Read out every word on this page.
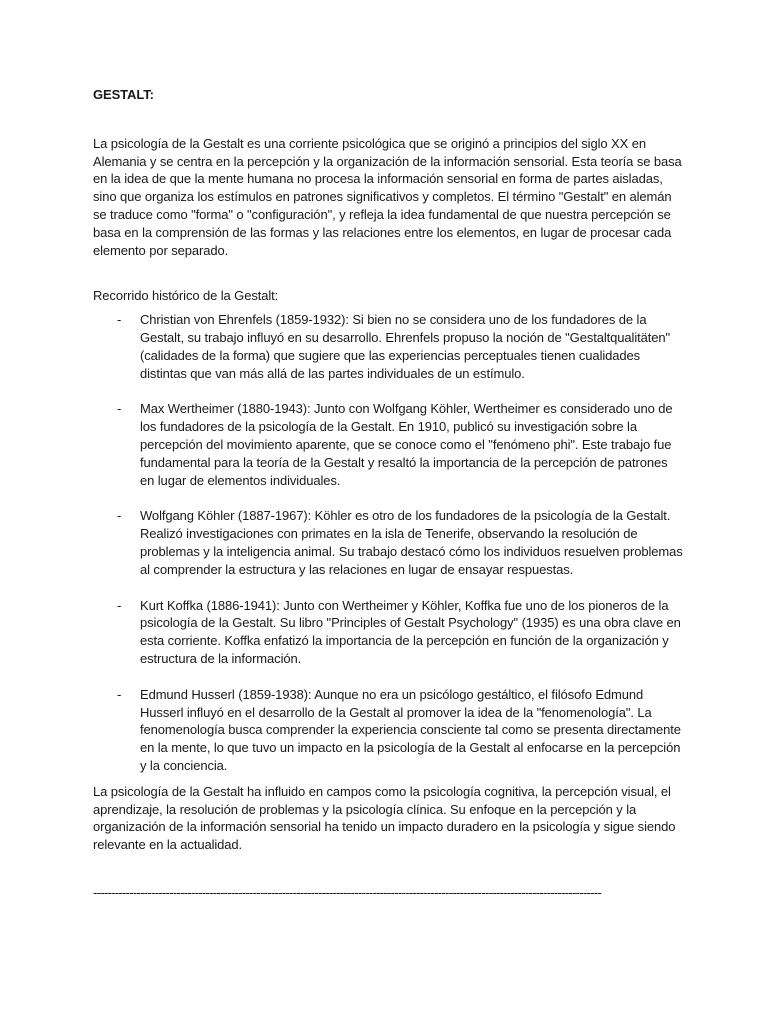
GESTALT:

La psicología de la Gestalt es una corriente psicológica que se originó a principios del siglo XX en Alemania y se centra en la percepción y la organización de la información sensorial. Esta teoría se basa en la idea de que la mente humana no procesa la información sensorial en forma de partes aisladas, sino que organiza los estímulos en patrones significativos y completos. El término "Gestalt" en alemán se traduce como "forma" o "configuración", y refleja la idea fundamental de que nuestra percepción se basa en la comprensión de las formas y las relaciones entre los elementos, en lugar de procesar cada elemento por separado.

Recorrido histórico de la Gestalt:

- Christian von Ehrenfels (1859-1932): Si bien no se considera uno de los fundadores de la Gestalt, su trabajo influyó en su desarrollo. Ehrenfels propuso la noción de "Gestaltqualitäten" (calidades de la forma) que sugiere que las experiencias perceptuales tienen cualidades distintas que van más allá de las partes individuales de un estímulo.
- Max Wertheimer (1880-1943): Junto con Wolfgang Köhler, Wertheimer es considerado uno de los fundadores de la psicología de la Gestalt. En 1910, publicó su investigación sobre la percepción del movimiento aparente, que se conoce como el "fenómeno phi". Este trabajo fue fundamental para la teoría de la Gestalt y resaltó la importancia de la percepción de patrones en lugar de elementos individuales.
- Wolfgang Köhler (1887-1967): Köhler es otro de los fundadores de la psicología de la Gestalt. Realizó investigaciones con primates en la isla de Tenerife, observando la resolución de problemas y la inteligencia animal. Su trabajo destacó cómo los individuos resuelven problemas al comprender la estructura y las relaciones en lugar de ensayar respuestas.
- Kurt Koffka (1886-1941): Junto con Wertheimer y Köhler, Koffka fue uno de los pioneros de la psicología de la Gestalt. Su libro "Principles of Gestalt Psychology" (1935) es una obra clave en esta corriente. Koffka enfatizó la importancia de la percepción en función de la organización y estructura de la información.
- Edmund Husserl (1859-1938): Aunque no era un psicólogo gestáltico, el filósofo Edmund Husserl influyó en el desarrollo de la Gestalt al promover la idea de la "fenomenología". La fenomenología busca comprender la experiencia consciente tal como se presenta directamente en la mente, lo que tuvo un impacto en la psicología de la Gestalt al enfocarse en la percepción y la conciencia.

La psicología de la Gestalt ha influido en campos como la psicología cognitiva, la percepción visual, el aprendizaje, la resolución de problemas y la psicología clínica. Su enfoque en la percepción y la organización de la información sensorial ha tenido un impacto duradero en la psicología y sigue siendo relevante en la actualidad.

--------------------------------------------------------------------------------------------------------------------------------------------
